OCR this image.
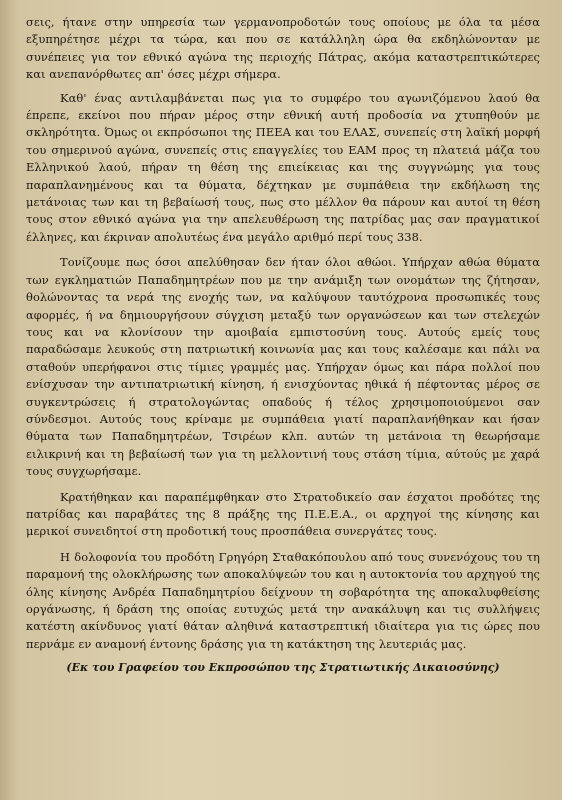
σεις, ήτανε στην υπηρεσία των γερμανοπροδοτών τους οποίους με όλα τα μέσα εξυπηρέτησε μέχρι τα τώρα, και που σε κατάλληλη ώρα θα εκδηλώνονταν με συνέπειες για τον εθνικό αγώνα της περιοχής Πάτρας, ακόμα καταστρεπτικώτερες και ανεπανόρθωτες απ' όσες μέχρι σήμερα.

Καθ' ένας αντιλαμβάνεται πως για το συμφέρο του αγωνιζόμενου λαού θα έπρεπε, εκείνοι που πήραν μέρος στην εθνική αυτή προδοσία να χτυπηθούν με σκληρότητα. Όμως οι εκπρόσωποι της ΠΕΕΑ και του ΕΛΑΣ, συνεπείς στη λαϊκή μορφή του σημερινού αγώνα, συνεπείς στις επαγγελίες του ΕΑΜ προς τη πλατειά μάζα του Ελληνικού λαού, πήραν τη θέση της επιείκειας και της συγγνώμης για τους παραπλανημένους και τα θύματα, δέχτηκαν με συμπάθεια την εκδήλωση της μετάνοιας των και τη βεβαίωσή τους, πως στο μέλλον θα πάρουν και αυτοί τη θέση τους στον εθνικό αγώνα για την απελευθέρωση της πατρίδας μας σαν πραγματικοί έλληνες, και έκριναν απολυτέως ένα μεγάλο αριθμό περί τους 338.

Τονίζουμε πως όσοι απελύθησαν δεν ήταν όλοι αθώοι. Υπήρχαν αθώα θύματα των εγκληματιών Παπαδημητρέων που με την ανάμιξη των ονομάτων της ζήτησαν, θολώνοντας τα νερά της ενοχής των, να καλύψουν ταυτόχρονα προσωπικές τους αφορμές, ή να δημιουργήσουν σύγχιση μεταξύ των οργανώσεων και των στελεχών τους και να κλονίσουν την αμοιβαία εμπιστοσύνη τους. Αυτούς εμείς τους παραδώσαμε λευκούς στη πατριωτική κοινωνία μας και τους καλέσαμε και πάλι να σταθούν υπερήφανοι στις τίμιες γραμμές μας. Υπήρχαν όμως και πάρα πολλοί που ενίσχυσαν την αντιπατριωτική κίνηση, ή ενισχύοντας ηθικά ή πέφτοντας μέρος σε συγκεντρώσεις ή στρατολογώντας οπαδούς ή τέλος χρησιμοποιούμενοι σαν σύνδεσμοι. Αυτούς τους κρίναμε με συμπάθεια γιατί παραπλανήθηκαν και ήσαν θύματα των Παπαδημητρέων, Τσιρέων κλπ. αυτών τη μετάνοια τη θεωρήσαμε ειλικρινή και τη βεβαίωσή των για τη μελλοντινή τους στάση τίμια, αύτούς με χαρά τους συγχωρήσαμε.

Κρατήθηκαν και παραπέμφθηκαν στο Στρατοδικείο σαν έσχατοι προδότες της πατρίδας και παραβάτες της 8 πράξης της Π.Ε.Ε.Α., οι αρχηγοί της κίνησης και μερικοί συνειδητοί στη προδοτική τους προσπάθεια συνεργάτες τους.

Η δολοφονία του προδότη Γρηγόρη Σταθακόπουλου από τους συνενόχους του τη παραμονή της ολοκλήρωσης των αποκαλύψεών του και η αυτοκτονία του αρχηγού της όλης κίνησης Ανδρέα Παπαδημητρίου δείχνουν τη σοβαρότητα της αποκαλυφθείσης οργάνωσης, ή δράση της οποίας ευτυχώς μετά την ανακάλυψη και τις συλλήψεις κατέστη ακίνδυνος γιατί θάταν αληθινά καταστρεπτική ιδιαίτερα για τις ώρες που περνάμε εν αναμονή έντονης δράσης για τη κατάκτηση της λευτεριάς μας.

(Εκ του Γραφείου του Εκπροσώπου της Στρατιωτικής Δικαιοσύνης)
